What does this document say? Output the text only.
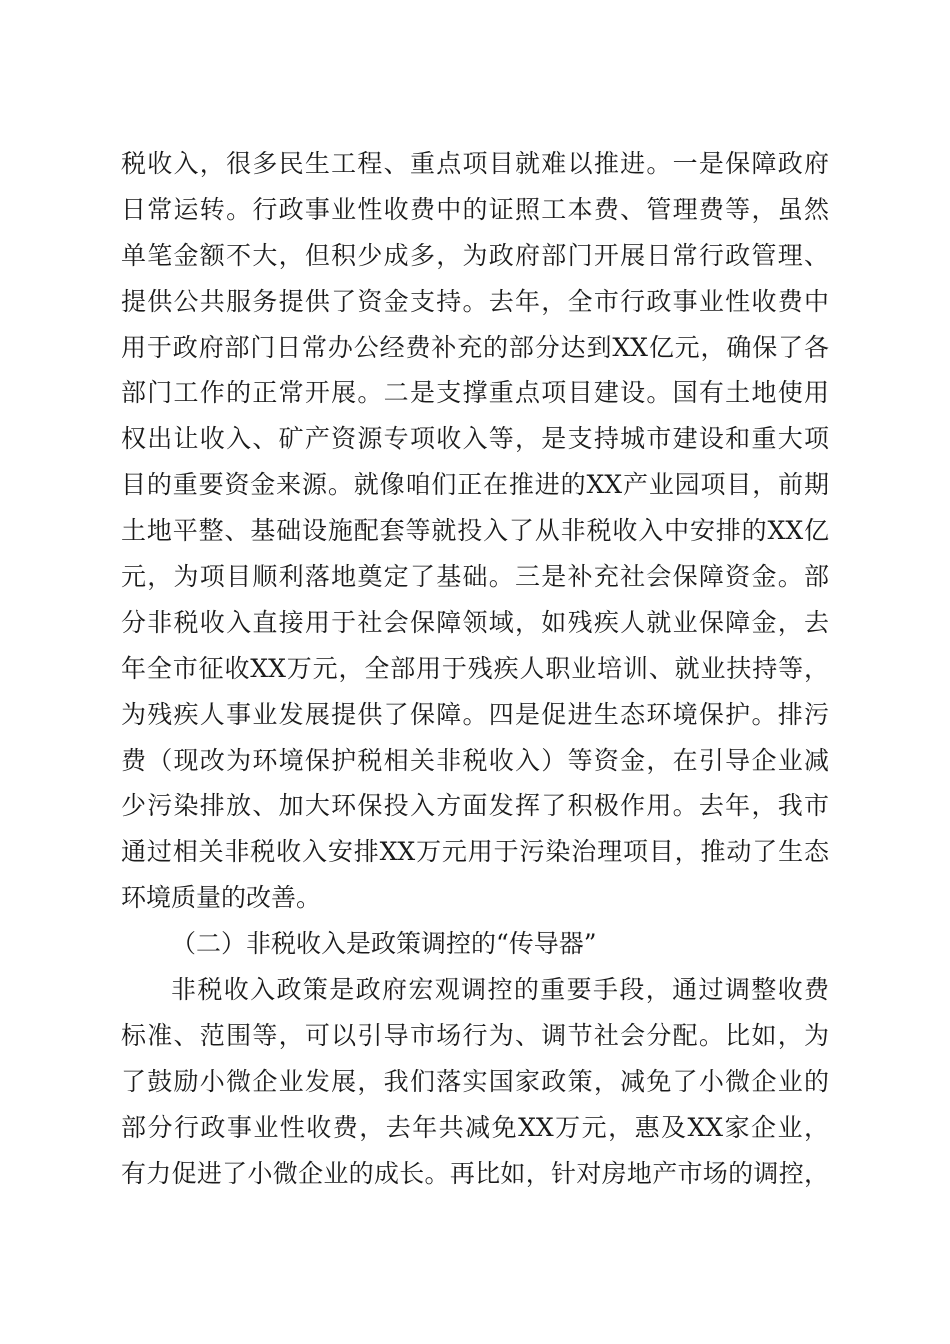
税收入，很多民生工程、重点项目就难以推进。一是保障政府
日常运转。行政事业性收费中的证照工本费、管理费等，虽然
单笔金额不大，但积少成多，为政府部门开展日常行政管理、
提供公共服务提供了资金支持。去年，全市行政事业性收费中
用于政府部门日常办公经费补充的部分达到XX亿元，确保了各
部门工作的正常开展。二是支撑重点项目建设。国有土地使用
权出让收入、矿产资源专项收入等，是支持城市建设和重大项
目的重要资金来源。就像咱们正在推进的XX产业园项目，前期
土地平整、基础设施配套等就投入了从非税收入中安排的XX亿
元，为项目顺利落地奠定了基础。三是补充社会保障资金。部
分非税收入直接用于社会保障领域，如残疾人就业保障金，去
年全市征收XX万元，全部用于残疾人职业培训、就业扶持等，
为残疾人事业发展提供了保障。四是促进生态环境保护。排污
费（现改为环境保护税相关非税收入）等资金，在引导企业减
少污染排放、加大环保投入方面发挥了积极作用。去年，我市
通过相关非税收入安排XX万元用于污染治理项目，推动了生态
环境质量的改善。
（二）非税收入是政策调控的“传导器”
非税收入政策是政府宏观调控的重要手段，通过调整收费
标准、范围等，可以引导市场行为、调节社会分配。比如，为
了鼓励小微企业发展，我们落实国家政策，减免了小微企业的
部分行政事业性收费，去年共减免XX万元，惠及XX家企业，
有力促进了小微企业的成长。再比如，针对房地产市场的调控，
